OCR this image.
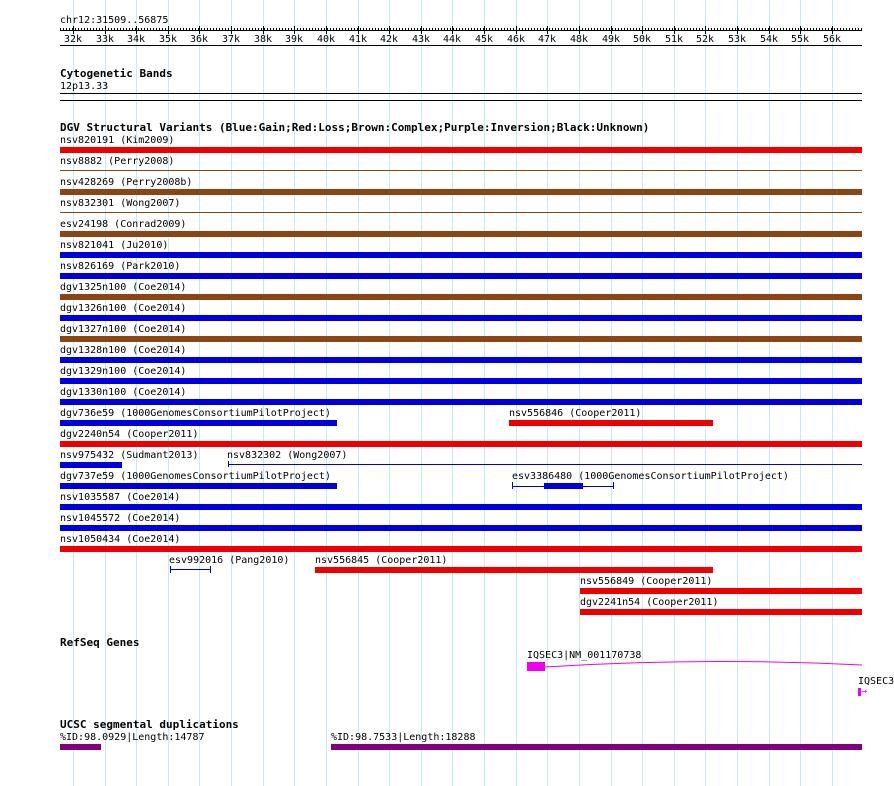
chr12:31509..56875
32k 33k 34k 35k 36k 37k 38k 39k 40k 41k 42k 43k 44k 45k 46k 47k 48k 49k 50k 51k 52k 53k 54k 55k 56k
Cytogenetic Bands
12p13.33
DGV Structural Variants (Blue:Gain;Red:Loss;Brown:Complex;Purple:Inversion;Black:Unknown)
nsv820191 (Kim2009)
nsv8882 (Perry2008)
nsv428269 (Perry2008b)
nsv832301 (Wong2007)
esv24198 (Conrad2009)
nsv821041 (Ju2010)
nsv826169 (Park2010)
dgv1325n100 (Coe2014)
dgv1326n100 (Coe2014)
dgv1327n100 (Coe2014)
dgv1328n100 (Coe2014)
dgv1329n100 (Coe2014)
dgv1330n100 (Coe2014)
dgv736e59 (1000GenomesConsortiumPilotProject)	nsv556846 (Cooper2011)
dgv2240n54 (Cooper2011)
nsv975432 (Sudmant2013)	nsv832302 (Wong2007)
dgv737e59 (1000GenomesConsortiumPilotProject)	esv3386480 (1000GenomesConsortiumPilotProject)
nsv1035587 (Coe2014)
nsv1045572 (Coe2014)
nsv1050434 (Coe2014)
esv992016 (Pang2010)	nsv556845 (Cooper2011)
nsv556849 (Cooper2011)
dgv2241n54 (Cooper2011)
RefSeq Genes
IQSEC3|NM_001170738
IQSEC3
→
UCSC segmental duplications
%ID:98.0929|Length:14787	%ID:98.7533|Length:18288
